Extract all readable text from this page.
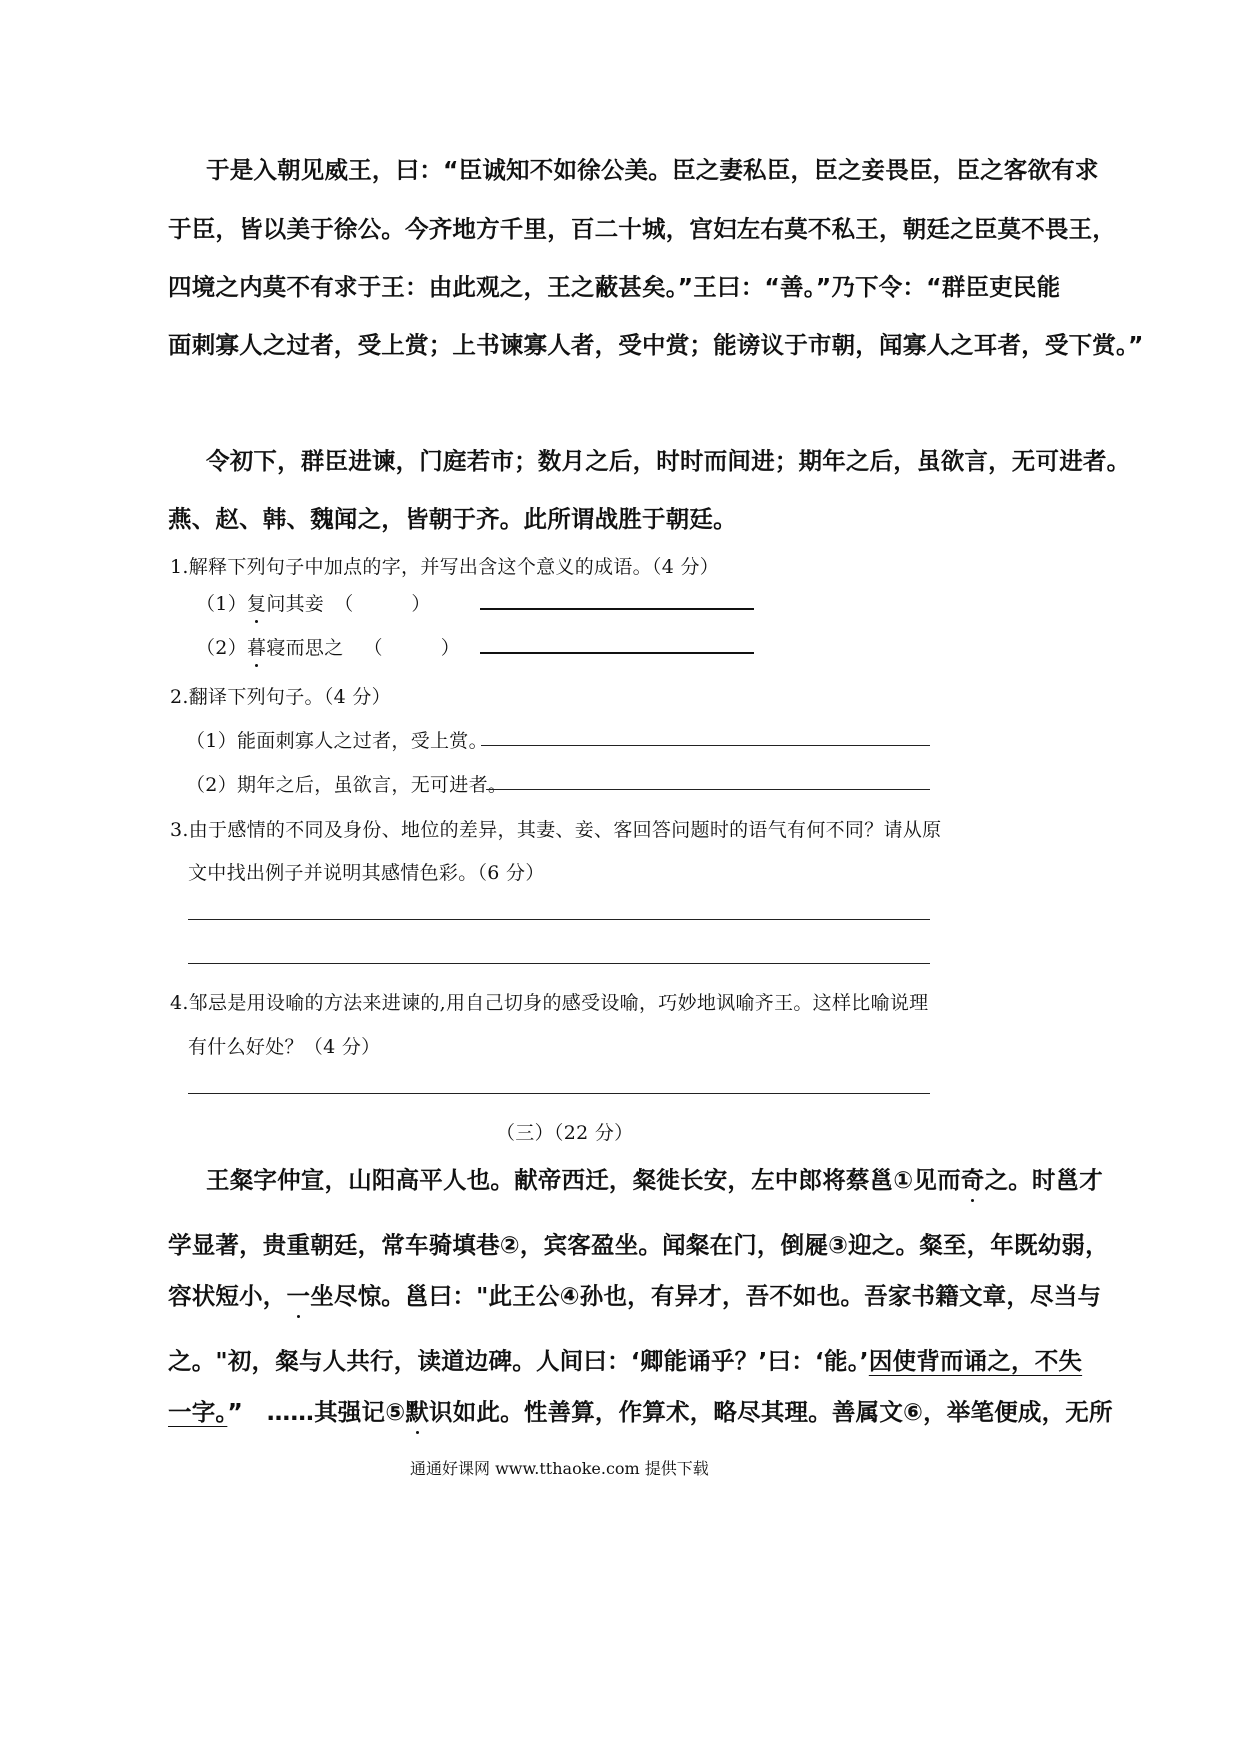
于是入朝见威王，曰：“臣诚知不如徐公美。臣之妻私臣，臣之妾畏臣，臣之客欲有求
于臣，皆以美于徐公。今齐地方千里，百二十城，宫妇左右莫不私王，朝廷之臣莫不畏王，
四境之内莫不有求于王：由此观之，王之蔽甚矣。”王曰：“善。”乃下令：“群臣吏民能
面刺寡人之过者，受上赏；上书谏寡人者，受中赏；能谤议于市朝，闻寡人之耳者，受下赏。”
令初下，群臣进谏，门庭若市；数月之后，时时而间进；期年之后，虽欲言，无可进者。
燕、赵、韩、魏闻之，皆朝于齐。此所谓战胜于朝廷。
1.解释下列句子中加点的字，并写出含这个意义的成语。（4 分）
（1）复问其妾 （　　　）
（2）暮寝而思之 （　　　）
2.翻译下列句子。（4 分）
（1）能面刺寡人之过者，受上赏。
（2）期年之后，虽欲言，无可进者。
3.由于感情的不同及身份、地位的差异，其妻、妾、客回答问题时的语气有何不同？请从原
文中找出例子并说明其感情色彩。（6 分）
4.邹忌是用设喻的方法来进谏的,用自己切身的感受设喻，巧妙地讽喻齐王。这样比喻说理
有什么好处？（4 分）
（三）（22 分）
王粲字仲宣，山阳高平人也。献帝西迁，粲徙长安，左中郎将蔡邕①见而奇之。时邕才
学显著，贵重朝廷，常车骑填巷②，宾客盈坐。闻粲在门，倒屣③迎之。粲至，年既幼弱，
容状短小，一坐尽惊。邕曰："此王公④孙也，有异才，吾不如也。吾家书籍文章，尽当与
之。"初，粲与人共行，读道边碑。人间曰：‘卿能诵乎？’曰：‘能。’因使背而诵之，不失
一字。”　……其强记⑤默识如此。性善算，作算术，略尽其理。善属文⑥，举笔便成，无所
通通好课网 www.tthaoke.com 提供下载
